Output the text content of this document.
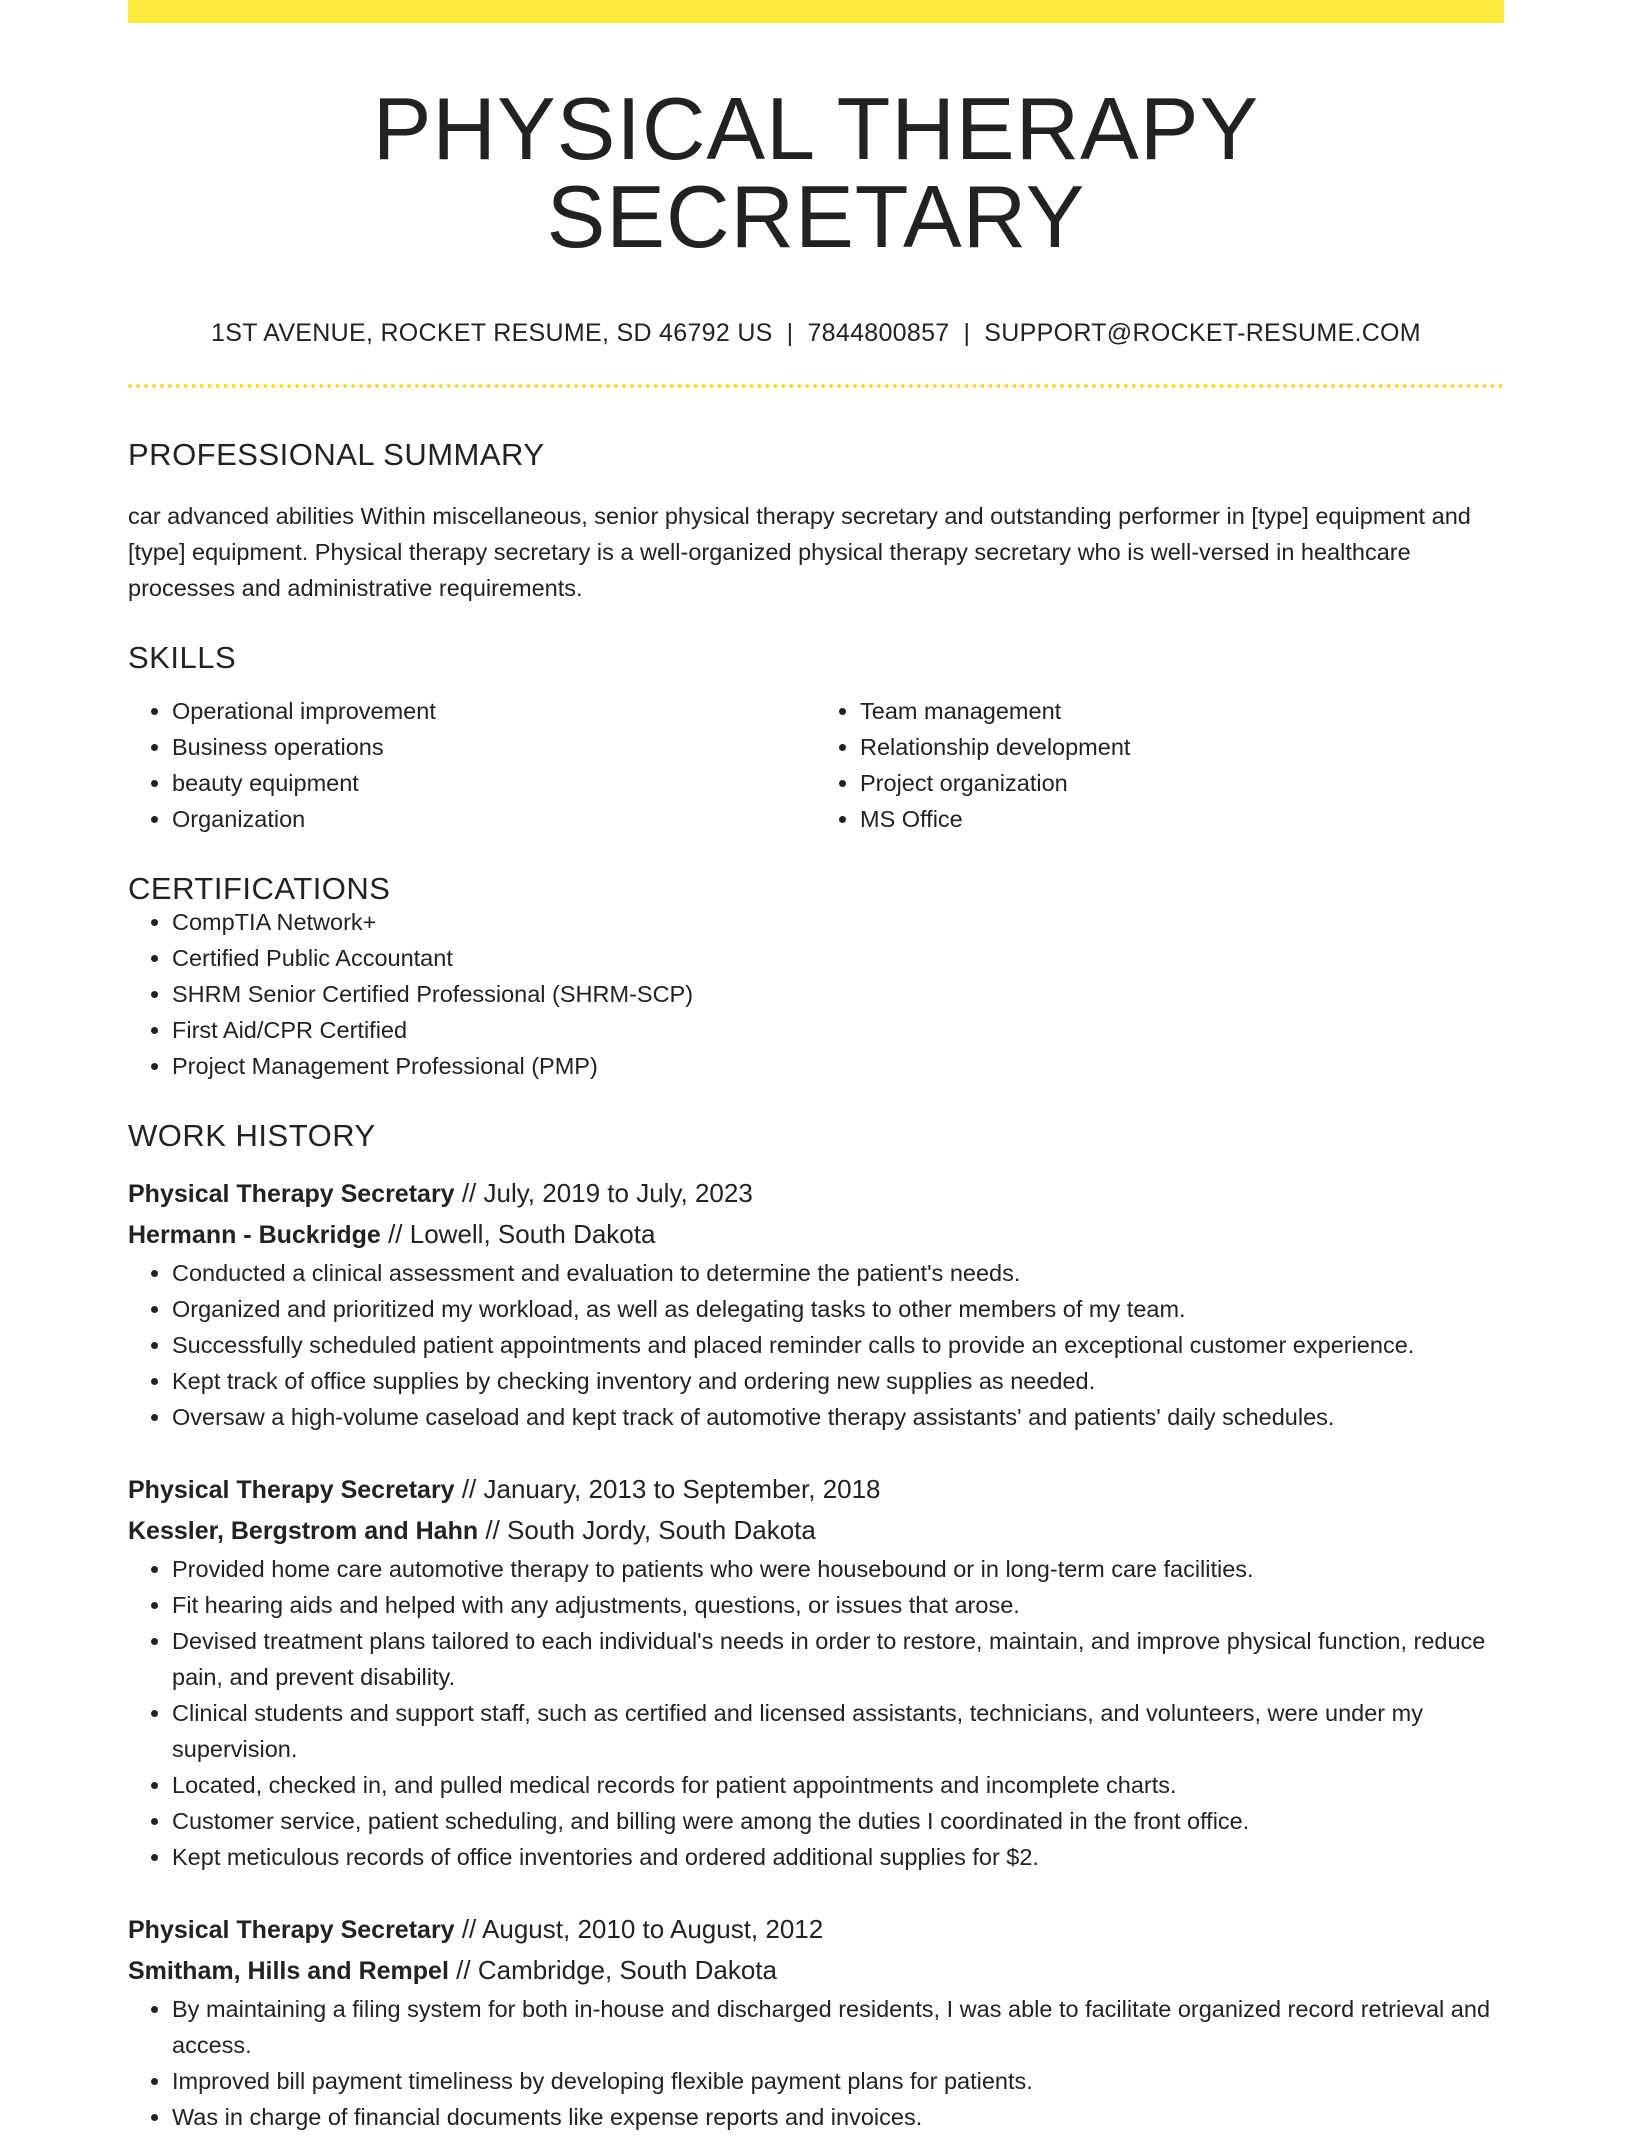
PHYSICAL THERAPY SECRETARY
1ST AVENUE, ROCKET RESUME, SD 46792 US | 7844800857 | SUPPORT@ROCKET-RESUME.COM
PROFESSIONAL SUMMARY
car advanced abilities Within miscellaneous, senior physical therapy secretary and outstanding performer in [type] equipment and [type] equipment. Physical therapy secretary is a well-organized physical therapy secretary who is well-versed in healthcare processes and administrative requirements.
SKILLS
• Operational improvement
• Business operations
• beauty equipment
• Organization
• Team management
• Relationship development
• Project organization
• MS Office
CERTIFICATIONS
• CompTIA Network+
• Certified Public Accountant
• SHRM Senior Certified Professional (SHRM-SCP)
• First Aid/CPR Certified
• Project Management Professional (PMP)
WORK HISTORY
Physical Therapy Secretary // July, 2019 to July, 2023
Hermann - Buckridge // Lowell, South Dakota
• Conducted a clinical assessment and evaluation to determine the patient's needs.
• Organized and prioritized my workload, as well as delegating tasks to other members of my team.
• Successfully scheduled patient appointments and placed reminder calls to provide an exceptional customer experience.
• Kept track of office supplies by checking inventory and ordering new supplies as needed.
• Oversaw a high-volume caseload and kept track of automotive therapy assistants' and patients' daily schedules.
Physical Therapy Secretary // January, 2013 to September, 2018
Kessler, Bergstrom and Hahn // South Jordy, South Dakota
• Provided home care automotive therapy to patients who were housebound or in long-term care facilities.
• Fit hearing aids and helped with any adjustments, questions, or issues that arose.
• Devised treatment plans tailored to each individual's needs in order to restore, maintain, and improve physical function, reduce pain, and prevent disability.
• Clinical students and support staff, such as certified and licensed assistants, technicians, and volunteers, were under my supervision.
• Located, checked in, and pulled medical records for patient appointments and incomplete charts.
• Customer service, patient scheduling, and billing were among the duties I coordinated in the front office.
• Kept meticulous records of office inventories and ordered additional supplies for $2.
Physical Therapy Secretary // August, 2010 to August, 2012
Smitham, Hills and Rempel // Cambridge, South Dakota
• By maintaining a filing system for both in-house and discharged residents, I was able to facilitate organized record retrieval and access.
• Improved bill payment timeliness by developing flexible payment plans for patients.
• Was in charge of financial documents like expense reports and invoices.
